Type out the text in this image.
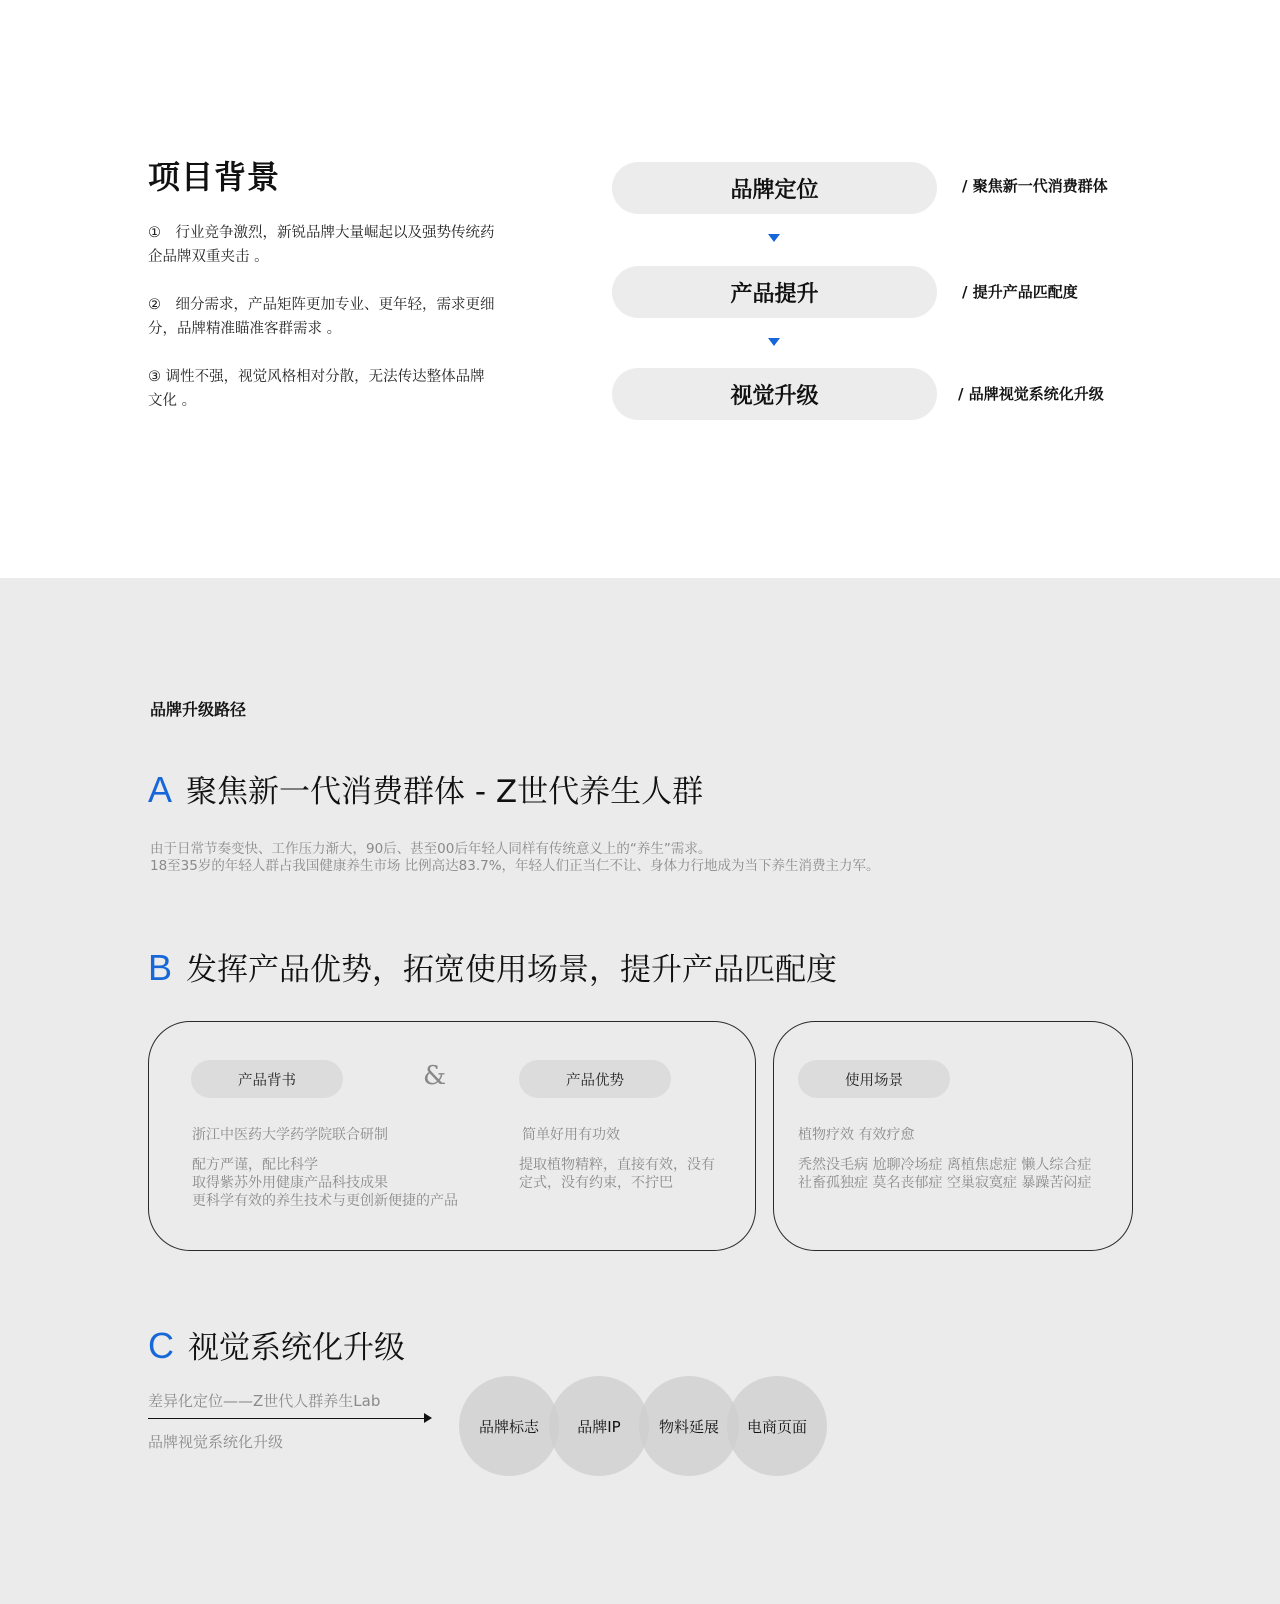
项目背景
①　行业竞争激烈，新锐品牌大量崛起以及强势传统药企品牌双重夹击 。
②　细分需求，产品矩阵更加专业、更年轻，需求更细分，品牌精准瞄准客群需求 。
③ 调性不强，视觉风格相对分散，无法传达整体品牌文化 。
品牌定位	/ 聚焦新一代消费群体
产品提升	/ 提升产品匹配度
视觉升级	/ 品牌视觉系统化升级
品牌升级路径
A 聚焦新一代消费群体 - Z世代养生人群
由于日常节奏变快、工作压力渐大，90后、甚至00后年轻人同样有传统意义上的“养生”需求。
18至35岁的年轻人群占我国健康养生市场 比例高达83.7%，年轻人们正当仁不让、身体力行地成为当下养生消费主力军。
B 发挥产品优势，拓宽使用场景，提升产品匹配度
产品背书	&	产品优势
浙江中医药大学药学院联合研制
配方严谨，配比科学
取得紫苏外用健康产品科技成果
更科学有效的养生技术与更创新便捷的产品
简单好用有功效
提取植物精粹，直接有效，没有
定式，没有约束，不拧巴
使用场景
植物疗效 有效疗愈
秃然没毛病 尬聊冷场症 离植焦虑症 懒人综合症
社畜孤独症 莫名丧郁症 空巢寂寞症 暴躁苦闷症
C 视觉系统化升级
差异化定位——Z世代人群养生Lab
品牌视觉系统化升级
品牌标志	品牌IP	物料延展	电商页面
